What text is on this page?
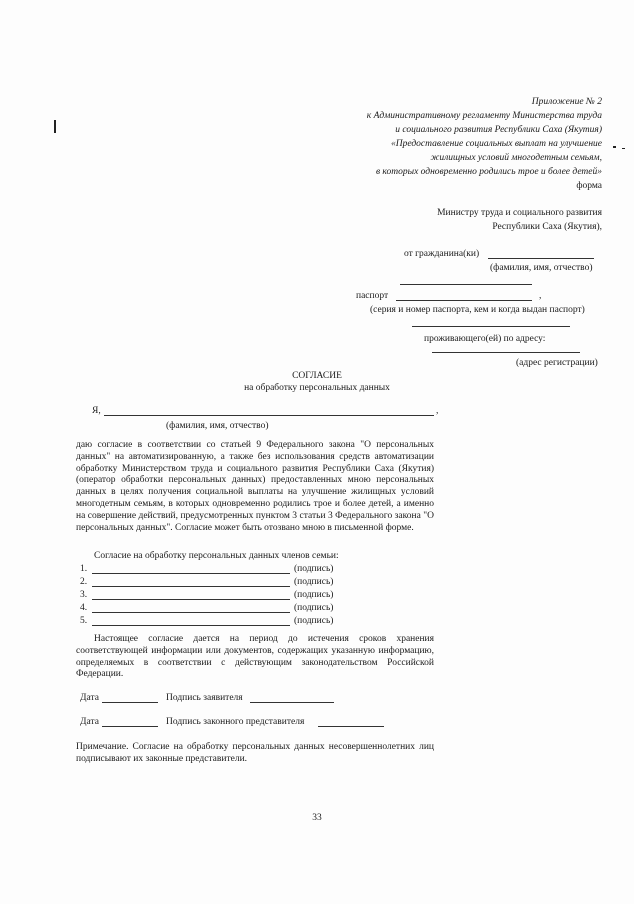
Приложение № 2
к Административному регламенту Министерства труда
и социального развития Республики Саха (Якутия)
«Предоставление социальных выплат на улучшение
жилищных условий многодетным семьям,
в которых одновременно родились трое и более детей»
форма
Министру труда и социального развития
Республики Саха (Якутия),
от гражданина(ки)
(фамилия, имя, отчество)
паспорт	,
(серия и номер паспорта, кем и когда выдан паспорт)
проживающего(ей) по адресу:
(адрес регистрации)
СОГЛАСИЕ
на обработку персональных данных
Я,	,
(фамилия, имя, отчество)
даю согласие в соответствии со статьей 9 Федерального закона "О персональных данных" на автоматизированную, а также без использования средств автоматизации обработку Министерством труда и социального развития Республики Саха (Якутия) (оператор обработки персональных данных) предоставленных мною персональных данных в целях получения социальной выплаты на улучшение жилищных условий многодетным семьям, в которых одновременно родились трое и более детей, а именно на совершение действий, предусмотренных пунктом 3 статьи 3 Федерального закона "О персональных данных". Согласие может быть отозвано мною в письменной форме.
Согласие на обработку персональных данных членов семьи:
1.	(подпись)
2.	(подпись)
3.	(подпись)
4.	(подпись)
5.	(подпись)
Настоящее согласие дается на период до истечения сроков хранения соответствующей информации или документов, содержащих указанную информацию, определяемых в соответствии с действующим законодательством Российской Федерации.
Дата	Подпись заявителя
Дата	Подпись законного представителя
Примечание. Согласие на обработку персональных данных несовершеннолетних лиц подписывают их законные представители.
33
